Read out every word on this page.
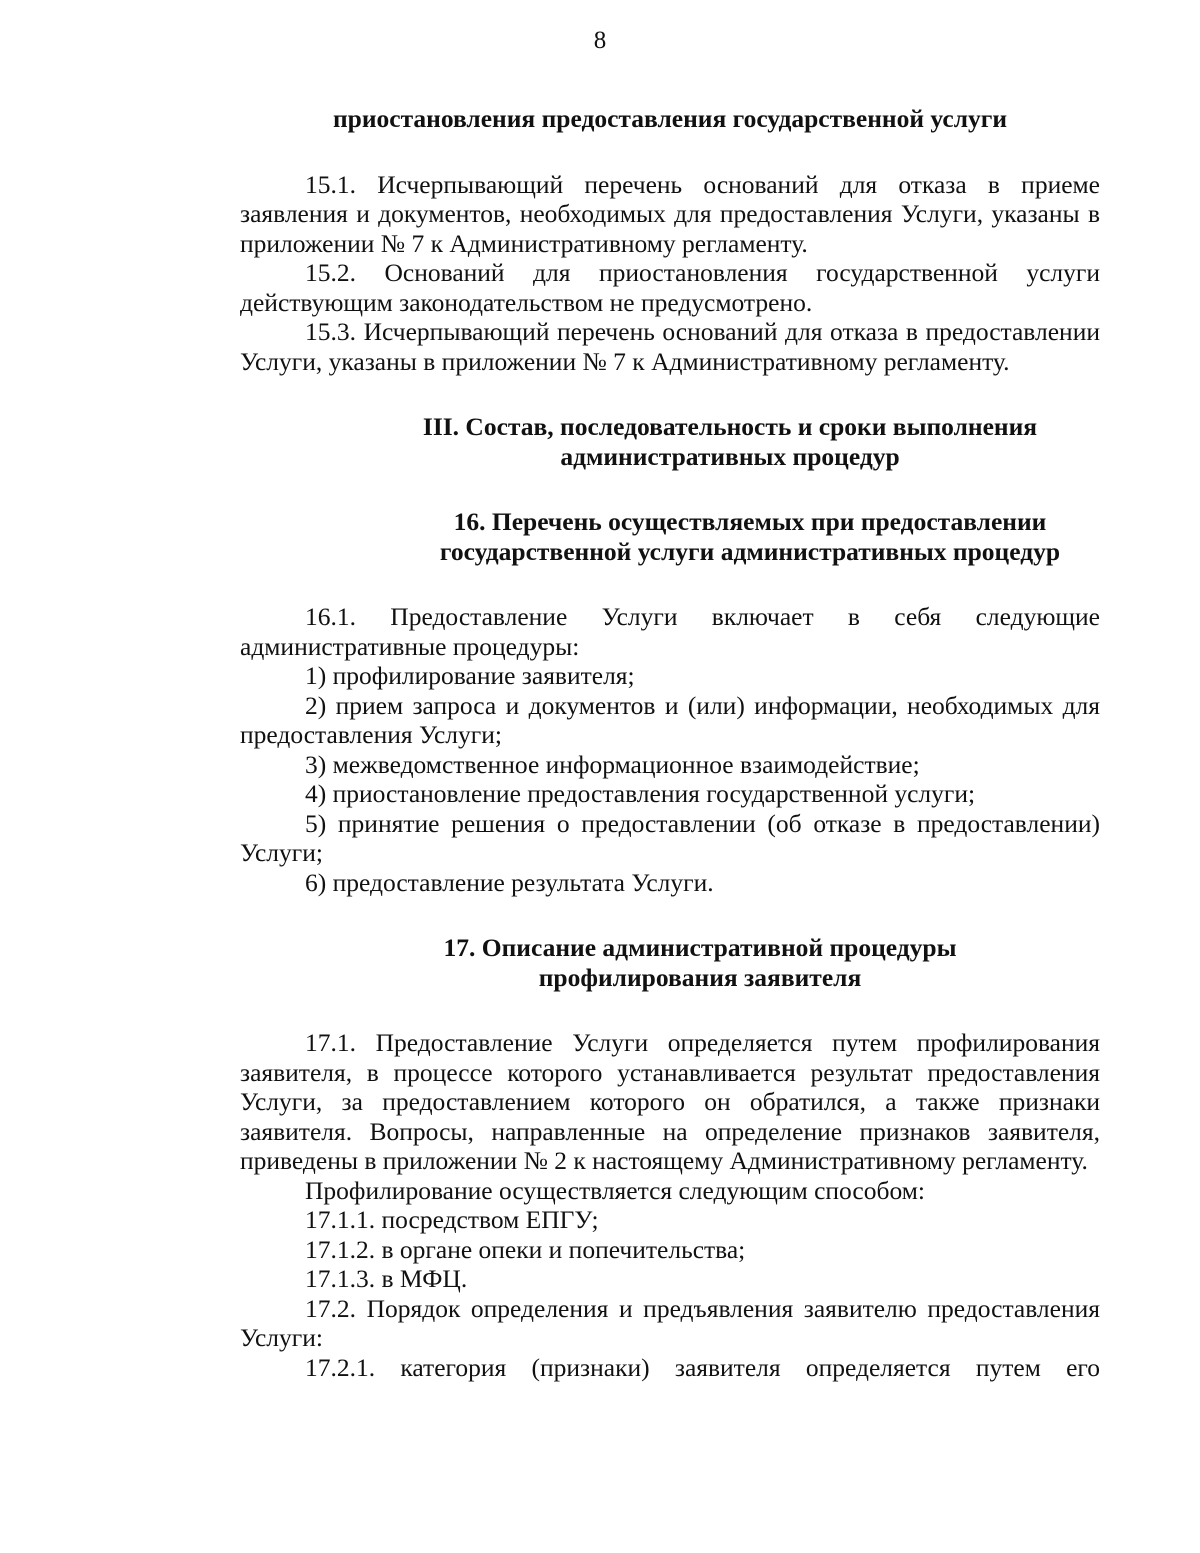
8

приостановления предоставления государственной услуги

15.1. Исчерпывающий перечень оснований для отказа в приеме заявления и документов, необходимых для предоставления Услуги, указаны в приложении № 7 к Административному регламенту.

15.2. Оснований для приостановления государственной услуги действующим законодательством не предусмотрено.

15.3. Исчерпывающий перечень оснований для отказа в предоставлении Услуги, указаны в приложении № 7 к Административному регламенту.

III. Состав, последовательность и сроки выполнения

административных процедур

16. Перечень осуществляемых при предоставлении

государственной услуги административных процедур

16.1. Предоставление Услуги включает в себя следующие административные процедуры:

1) профилирование заявителя;

2) прием запроса и документов и (или) информации, необходимых для предоставления Услуги;

3) межведомственное информационное взаимодействие;

4) приостановление предоставления государственной услуги;

5) принятие решения о предоставлении (об отказе в предоставлении) Услуги;

6) предоставление результата Услуги.

17. Описание административной процедуры

профилирования заявителя

17.1. Предоставление Услуги определяется путем профилирования заявителя, в процессе которого устанавливается результат предоставления Услуги, за предоставлением которого он обратился, а также признаки заявителя. Вопросы, направленные на определение признаков заявителя, приведены в приложении № 2 к настоящему Административному регламенту.

Профилирование осуществляется следующим способом:

17.1.1. посредством ЕПГУ;

17.1.2. в органе опеки и попечительства;

17.1.3. в МФЦ.

17.2. Порядок определения и предъявления заявителю предоставления Услуги:

17.2.1. категория (признаки) заявителя определяется путем его
